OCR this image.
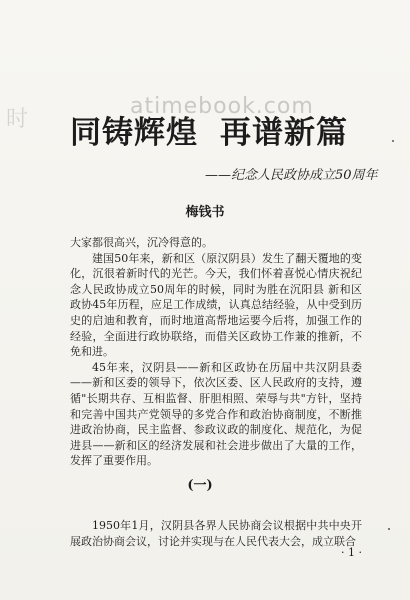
时
atimebook.com
同铸辉煌 再谱新篇
——纪念人民政协成立50周年
梅钱书

大家都很高兴，沉冷得意的。

建国50年来，新和区（原汉阴县）发生了翻天覆地的变化，沉很着新时代的光芒。今天，我们怀着喜悦心情庆祝纪念人民政协成立50周年的时候，同时为胜在沉阳县 新和区政协45年历程，应足工作成绩，认真总结经验，从中受到历史的启迪和教育，而时地道高帮地运要今后将，加强工作的经验，全面进行政协联络，而借关区政协工作兼的推新，不免和进。

45年来，汉阴县——新和区政协在历届中共汉阴县委——新和区委的领导下，依次区委、区人民政府的支持，遵循"长期共存、互相监督、肝胆相照、荣辱与共"方针，坚持和完善中国共产党领导的多党合作和政治协商制度，不断推进政治协商，民主监督、参政议政的制度化、规范化，为促进县——新和区的经济发展和社会进步做出了大量的工作，发挥了重要作用。

(一)

1950年1月，汉阴县各界人民协商会议根据中共中央开展政治协商会议，讨论并实现与在人民代表大会，成立联合

· 1 ·
